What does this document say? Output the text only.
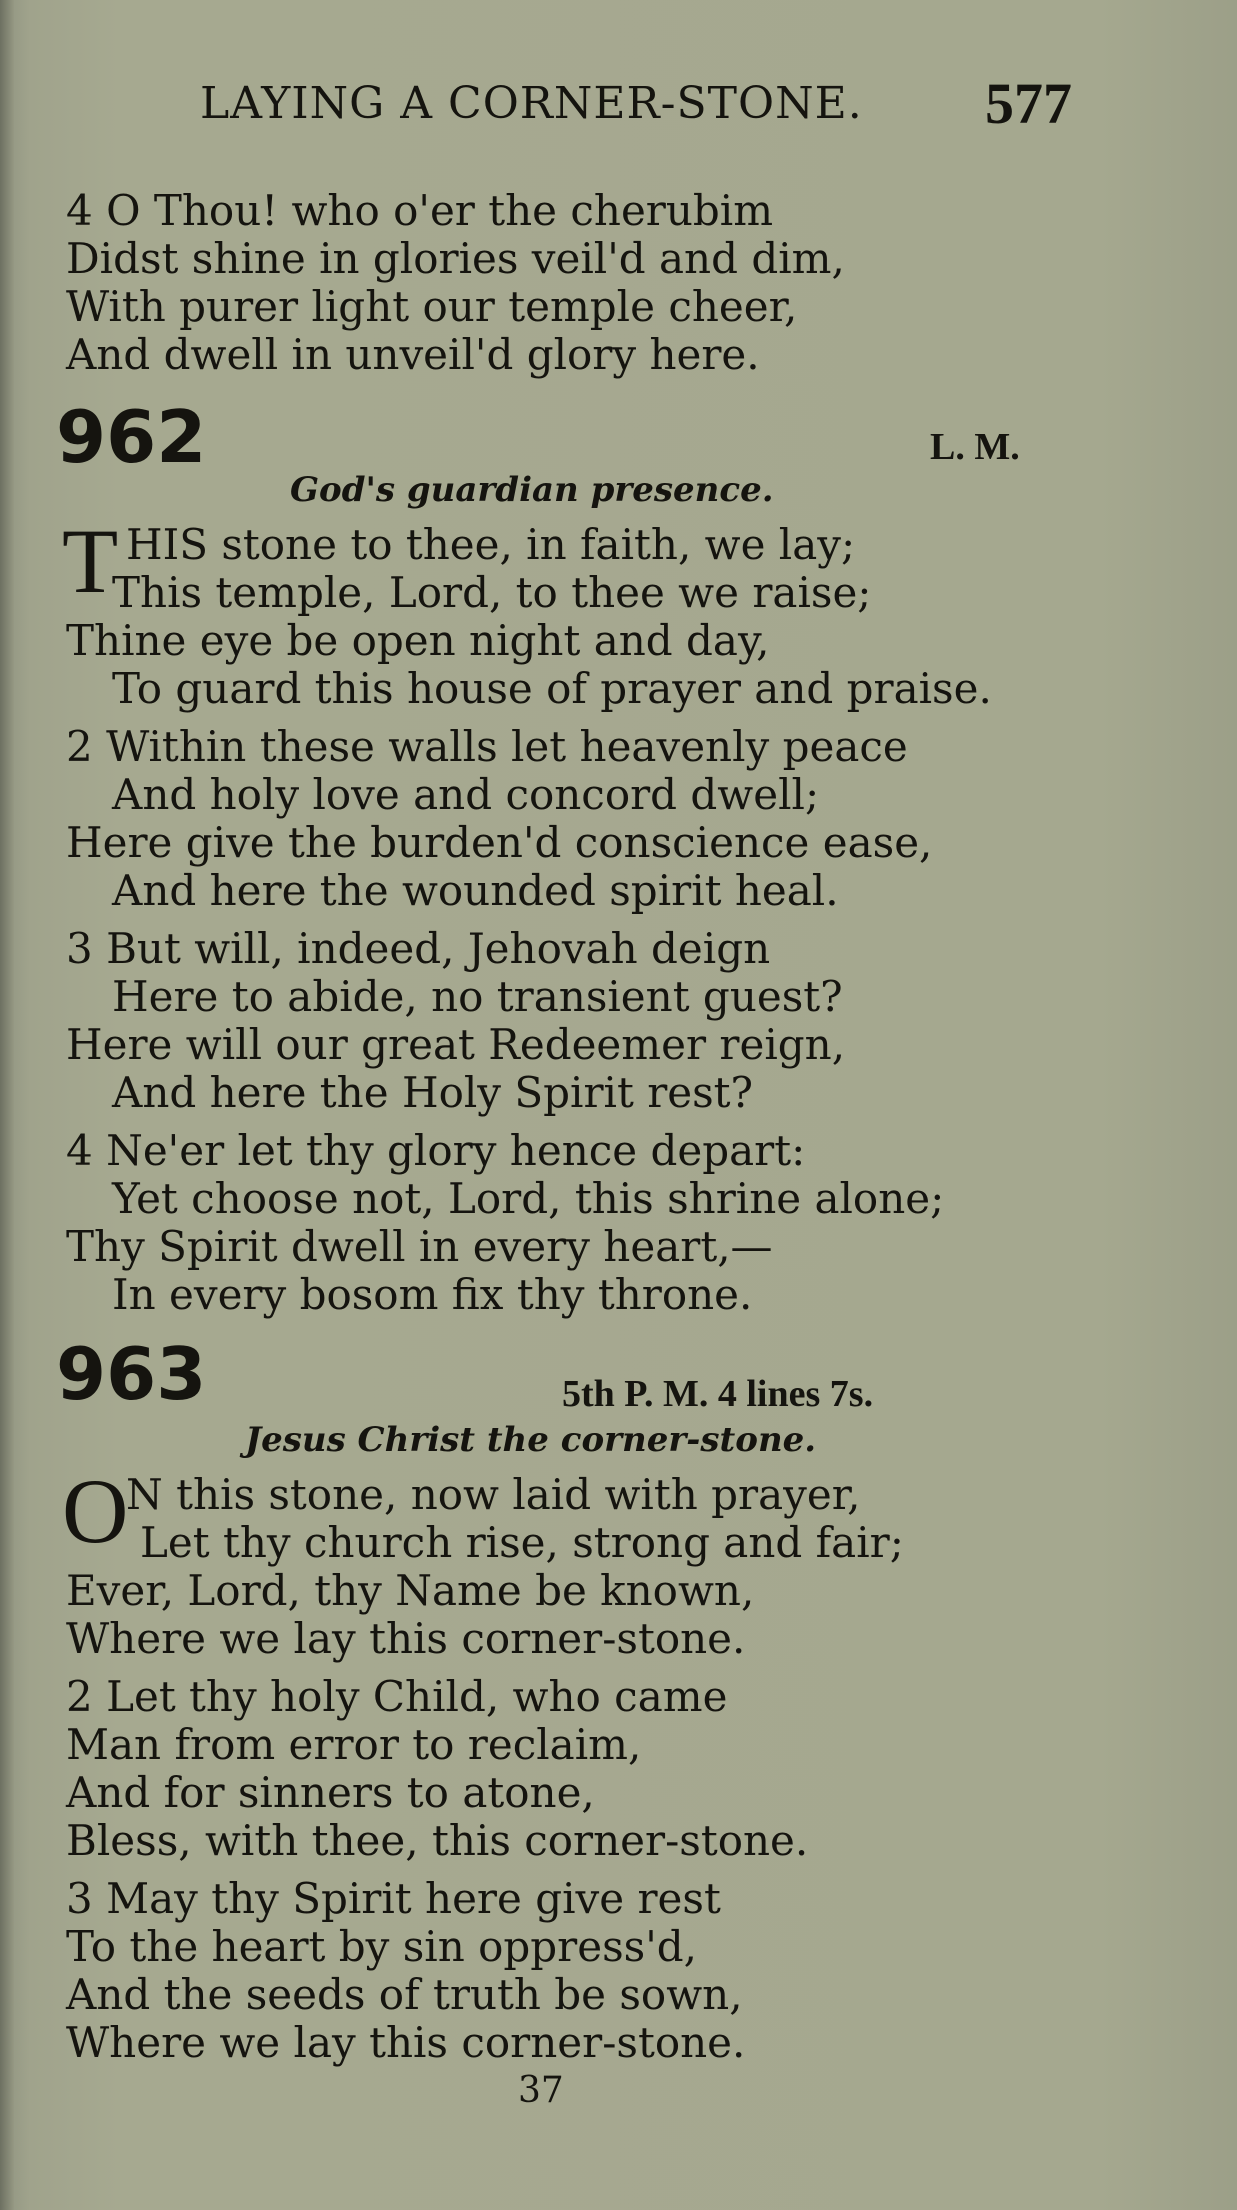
LAYING A CORNER-STONE. 577
4 O Thou! who o'er the cherubim
Didst shine in glories veil'd and dim,
With purer light our temple cheer,
And dwell in unveil'd glory here.
962	L. M.
God's guardian presence.
T HIS stone to thee, in faith, we lay;
This temple, Lord, to thee we raise;
Thine eye be open night and day,
To guard this house of prayer and praise.
2 Within these walls let heavenly peace
And holy love and concord dwell;
Here give the burden'd conscience ease,
And here the wounded spirit heal.
3 But will, indeed, Jehovah deign
Here to abide, no transient guest?
Here will our great Redeemer reign,
And here the Holy Spirit rest?
4 Ne'er let thy glory hence depart:
Yet choose not, Lord, this shrine alone;
Thy Spirit dwell in every heart,—
In every bosom fix thy throne.
963	5th P. M. 4 lines 7s.
Jesus Christ the corner-stone.
O
N this stone, now laid with prayer,
Let thy church rise, strong and fair;
Ever, Lord, thy Name be known,
Where we lay this corner-stone.
2 Let thy holy Child, who came
Man from error to reclaim,
And for sinners to atone,
Bless, with thee, this corner-stone.
3 May thy Spirit here give rest
To the heart by sin oppress'd,
And the seeds of truth be sown,
Where we lay this corner-stone.
37
